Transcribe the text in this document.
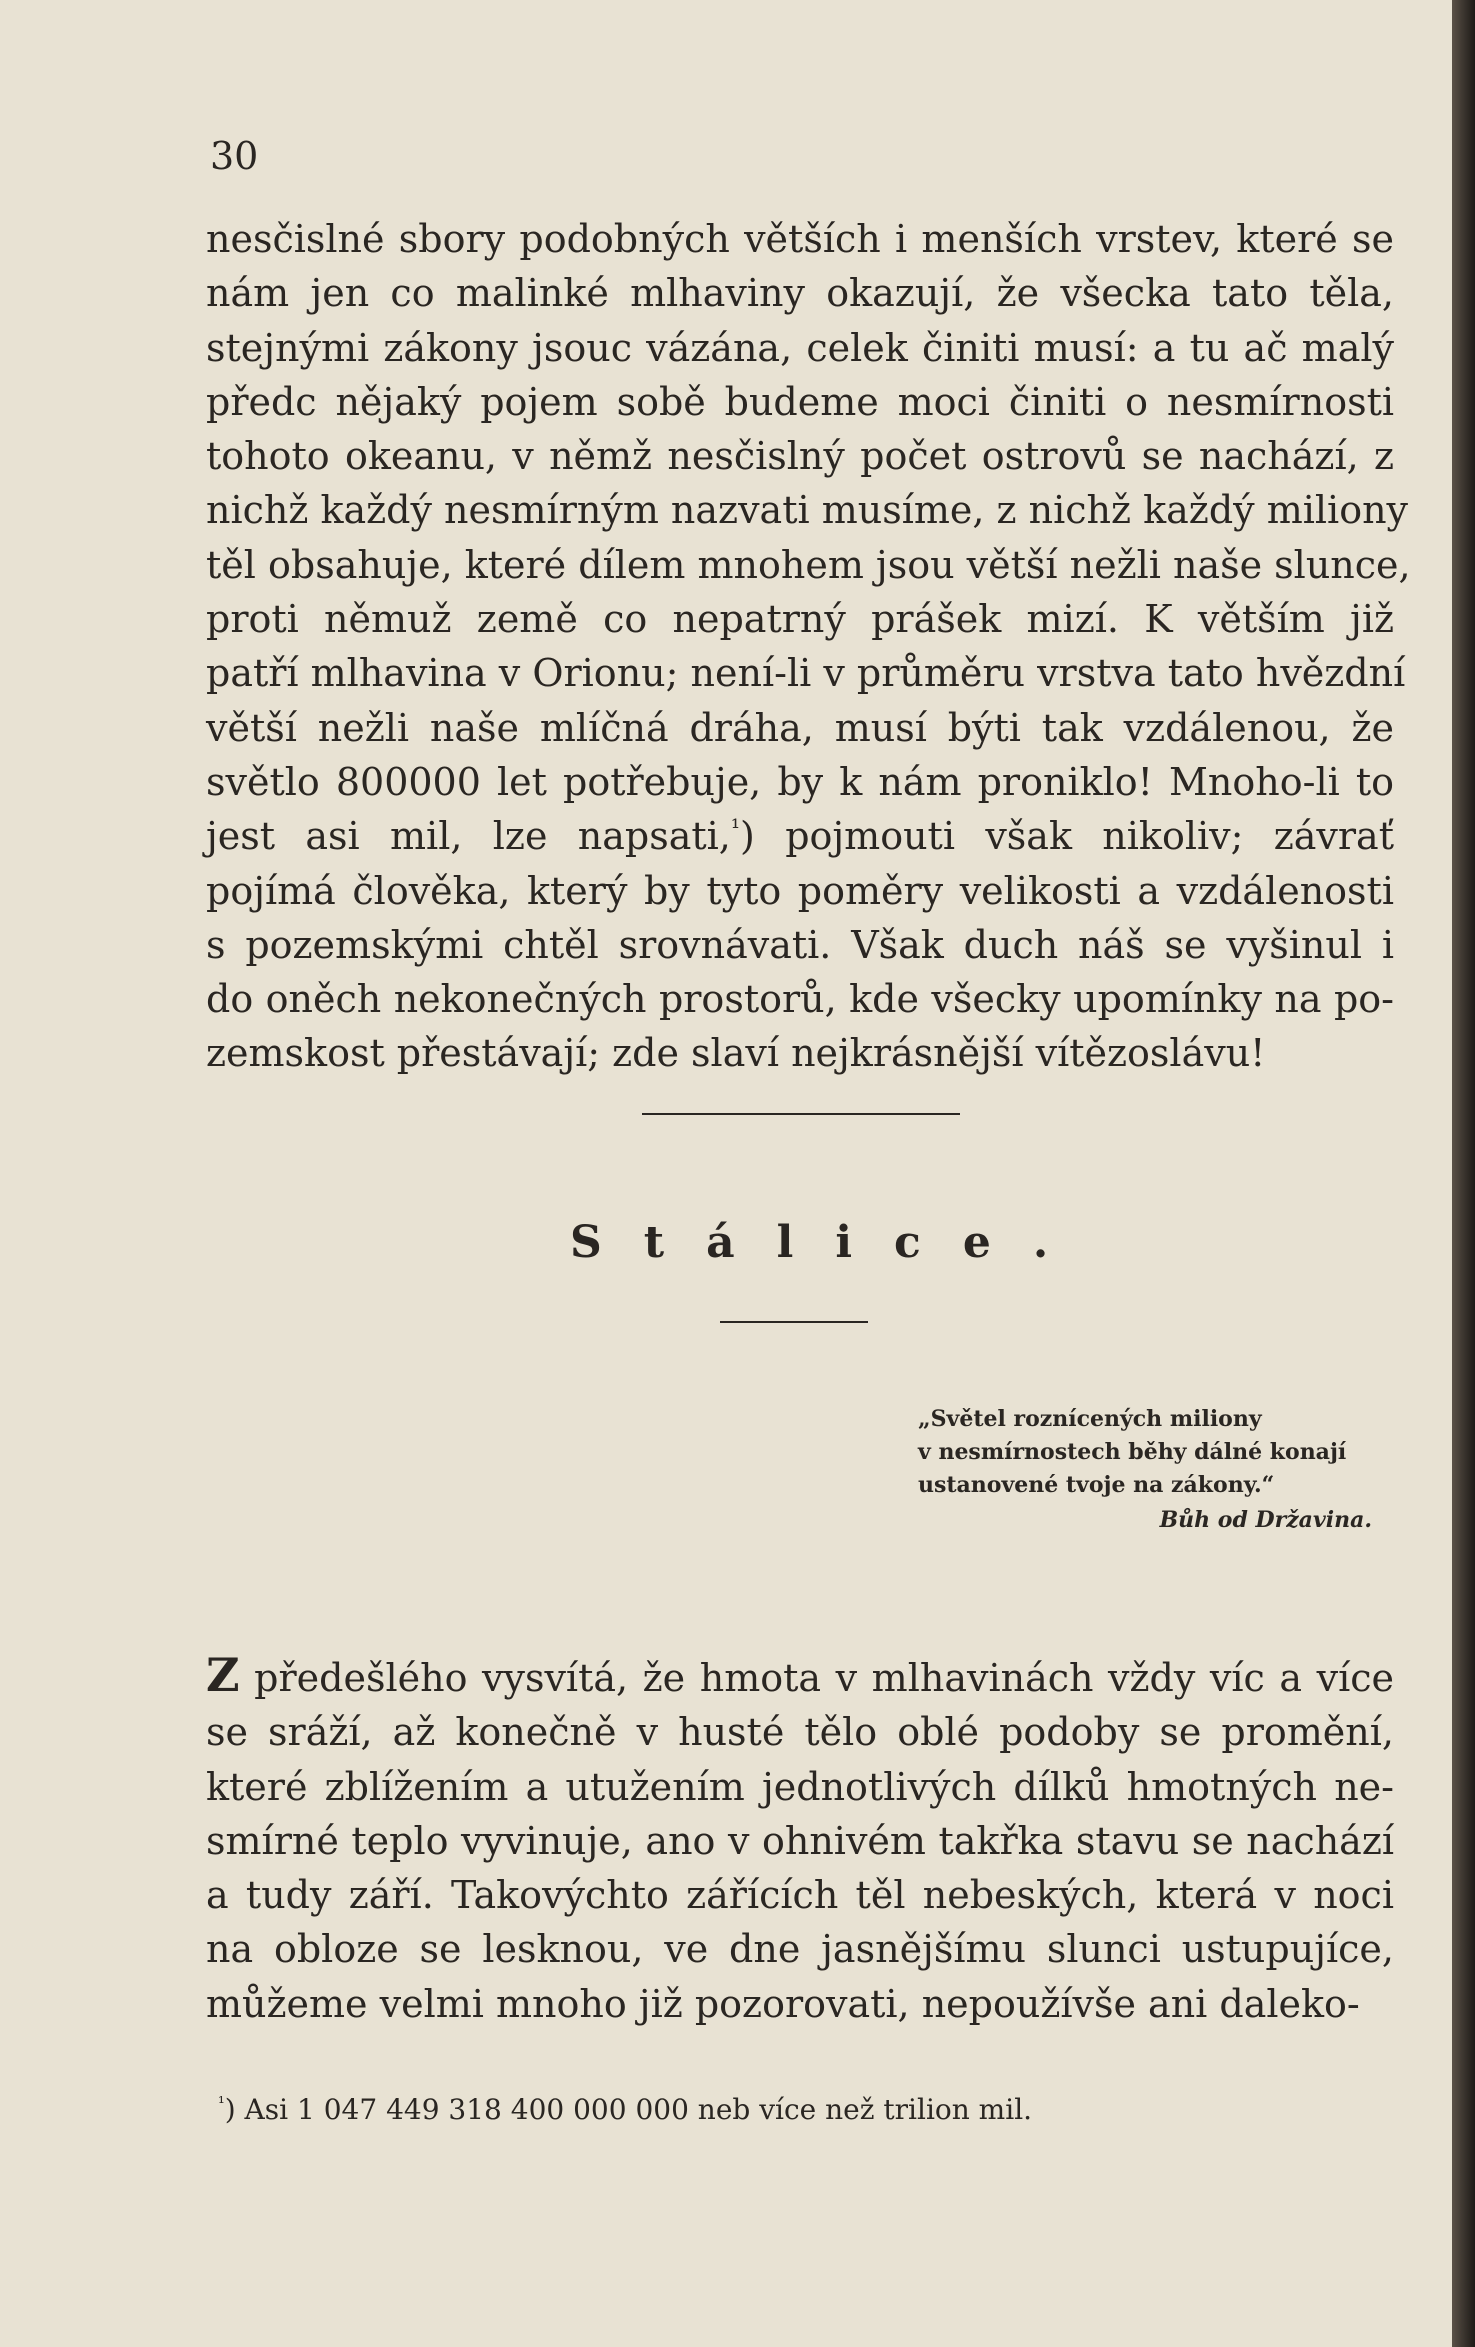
30
nesčislné sbory podobných větších i menších vrstev, které se
nám jen co malinké mlhaviny okazují, že všecka tato těla,
stejnými zákony jsouc vázána, celek činiti musí: a tu ač malý
předc nějaký pojem sobě budeme moci činiti o nesmírnosti
tohoto okeanu, v němž nesčislný počet ostrovů se nachází, z
nichž každý nesmírným nazvati musíme, z nichž každý miliony
těl obsahuje, které dílem mnohem jsou větší nežli naše slunce,
proti němuž země co nepatrný prášek mizí. K větším již
patří mlhavina v Orionu; není-li v průměru vrstva tato hvězdní
větší nežli naše mlíčná dráha, musí býti tak vzdálenou, že
světlo 800000 let potřebuje, by k nám proniklo! Mnoho-li to
jest asi mil, lze napsati,$^{^1}$) pojmouti však nikoliv; závrať
pojímá člověka, který by tyto poměry velikosti a vzdálenosti
s pozemskými chtěl srovnávati. Však duch náš se vyšinul i
do oněch nekonečných prostorů, kde všecky upomínky na po-
zemskost přestávají; zde slaví nejkrásnější vítězoslávu!
Stálice.
„Světel roznícených miliony
v nesmírnostech běhy dálné konají
ustanovené tvoje na zákony.“
Bůh od Državina.
Z předešlého vysvítá, že hmota v mlhavinách vždy víc a více
se sráží, až konečně v husté tělo oblé podoby se promění,
které zblížením a utužením jednotlivých dílků hmotných ne-
smírné teplo vyvinuje, ano v ohnivém takřka stavu se nachází
a tudy září. Takovýchto zářících těl nebeských, která v noci
na obloze se lesknou, ve dne jasnějšímu slunci ustupujíce,
můžeme velmi mnoho již pozorovati, nepoužívše ani daleko-
$^{^1}$) Asi 1 047 449 318 400 000 000 neb více než trilion mil.
